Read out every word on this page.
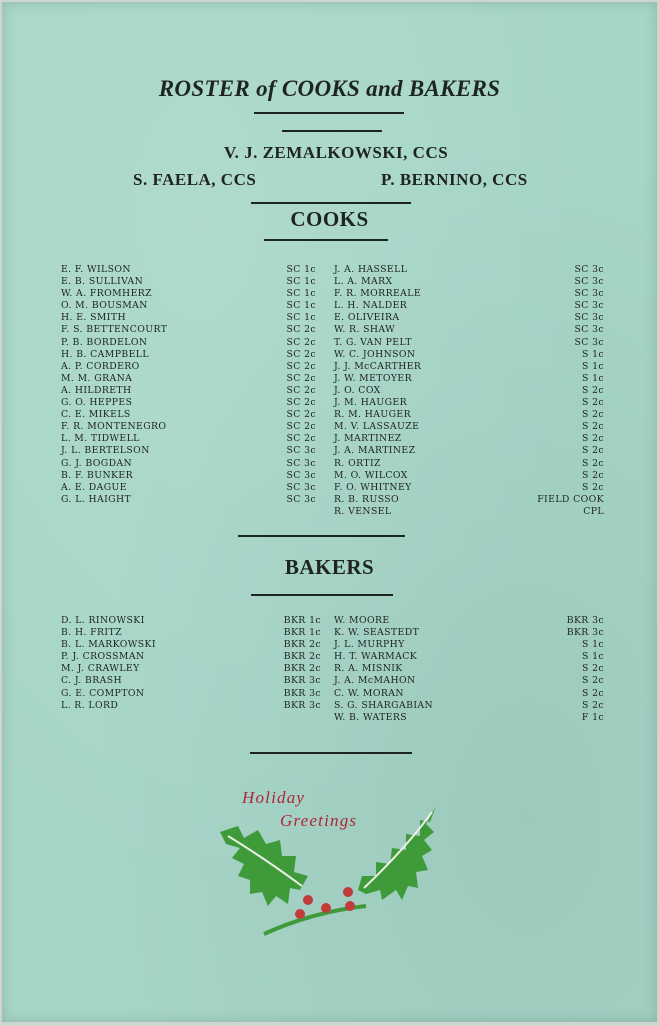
ROSTER of COOKS and BAKERS
V. J. ZEMALKOWSKI, CCS
S. FAELA, CCS	P. BERNINO, CCS
COOKS
E. F. WILSON	SC 1c
E. B. SULLIVAN	SC 1c
W. A. FROMHERZ	SC 1c
O. M. BOUSMAN	SC 1c
H. E. SMITH	SC 1c
F. S. BETTENCOURT	SC 2c
P. B. BORDELON	SC 2c
H. B. CAMPBELL	SC 2c
A. P. CORDERO	SC 2c
M. M. GRANA	SC 2c
A. HILDRETH	SC 2c
G. O. HEPPES	SC 2c
C. E. MIKELS	SC 2c
F. R. MONTENEGRO	SC 2c
L. M. TIDWELL	SC 2c
J. L. BERTELSON	SC 3c
G. J. BOGDAN	SC 3c
B. F. BUNKER	SC 3c
A. E. DAGUE	SC 3c
G. L. HAIGHT	SC 3c
J. A. HASSELL	SC 3c
L. A. MARX	SC 3c
F. R. MORREALE	SC 3c
L. H. NALDER	SC 3c
E. OLIVEIRA	SC 3c
W. R. SHAW	SC 3c
T. G. VAN PELT	SC 3c
W. C. JOHNSON	S 1c
J. J. McCARTHER	S 1c
J. W. METOYER	S 1c
J. O. COX	S 2c
J. M. HAUGER	S 2c
R. M. HAUGER	S 2c
M. V. LASSAUZE	S 2c
J. MARTINEZ	S 2c
J. A. MARTINEZ	S 2c
R. ORTIZ	S 2c
M. O. WILCOX	S 2c
F. O. WHITNEY	S 2c
R. B. RUSSO	FIELD COOK
R. VENSEL	CPL
BAKERS
D. L. RINOWSKI	BKR 1c
B. H. FRITZ	BKR 1c
B. L. MARKOWSKI	BKR 2c
P. J. CROSSMAN	BKR 2c
M. J. CRAWLEY	BKR 2c
C. J. BRASH	BKR 3c
G. E. COMPTON	BKR 3c
L. R. LORD	BKR 3c
W. MOORE	BKR 3c
K. W. SEASTEDT	BKR 3c
J. L. MURPHY	S 1c
H. T. WARMACK	S 1c
R. A. MISNIK	S 2c
J. A. McMAHON	S 2c
C. W. MORAN	S 2c
S. G. SHARGABIAN	S 2c
W. B. WATERS	F 1c
Holiday
Greetings
